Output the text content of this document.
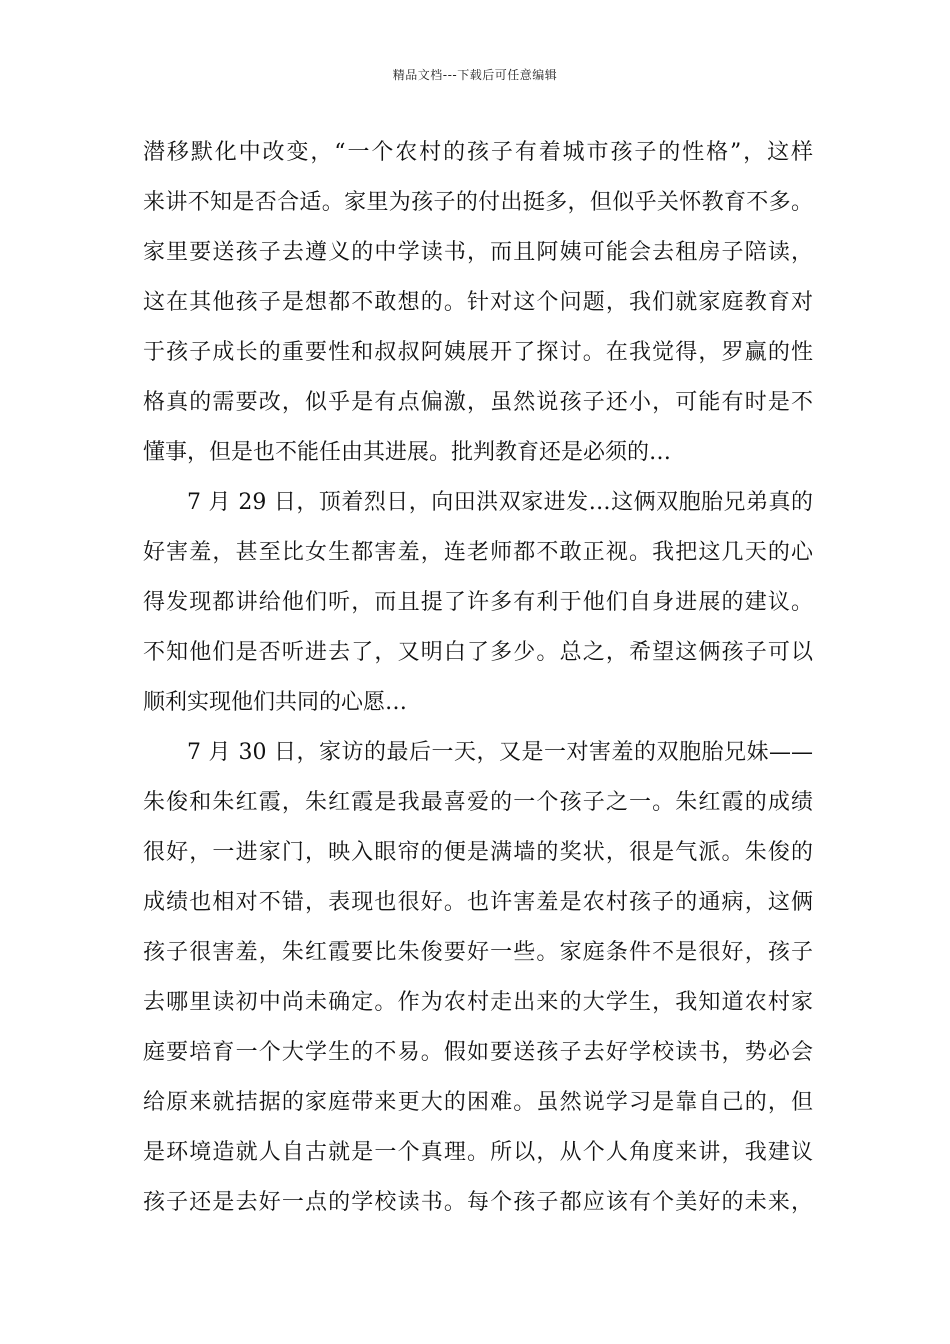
精品文档---下载后可任意编辑
潜移默化中改变，“一个农村的孩子有着城市孩子的性格”，这样
来讲不知是否合适。家里为孩子的付出挺多，但似乎关怀教育不多。
家里要送孩子去遵义的中学读书，而且阿姨可能会去租房子陪读，
这在其他孩子是想都不敢想的。针对这个问题，我们就家庭教育对
于孩子成长的重要性和叔叔阿姨展开了探讨。在我觉得，罗赢的性
格真的需要改，似乎是有点偏激，虽然说孩子还小，可能有时是不
懂事，但是也不能任由其进展。批判教育还是必须的…
7 月 29 日，顶着烈日，向田洪双家进发…这俩双胞胎兄弟真的
好害羞，甚至比女生都害羞，连老师都不敢正视。我把这几天的心
得发现都讲给他们听，而且提了许多有利于他们自身进展的建议。
不知他们是否听进去了，又明白了多少。总之，希望这俩孩子可以
顺利实现他们共同的心愿…
7 月 30 日，家访的最后一天，又是一对害羞的双胞胎兄妹——
朱俊和朱红霞，朱红霞是我最喜爱的一个孩子之一。朱红霞的成绩
很好，一进家门，映入眼帘的便是满墙的奖状，很是气派。朱俊的
成绩也相对不错，表现也很好。也许害羞是农村孩子的通病，这俩
孩子很害羞，朱红霞要比朱俊要好一些。家庭条件不是很好，孩子
去哪里读初中尚未确定。作为农村走出来的大学生，我知道农村家
庭要培育一个大学生的不易。假如要送孩子去好学校读书，势必会
给原来就拮据的家庭带来更大的困难。虽然说学习是靠自己的，但
是环境造就人自古就是一个真理。所以，从个人角度来讲，我建议
孩子还是去好一点的学校读书。每个孩子都应该有个美好的未来，
